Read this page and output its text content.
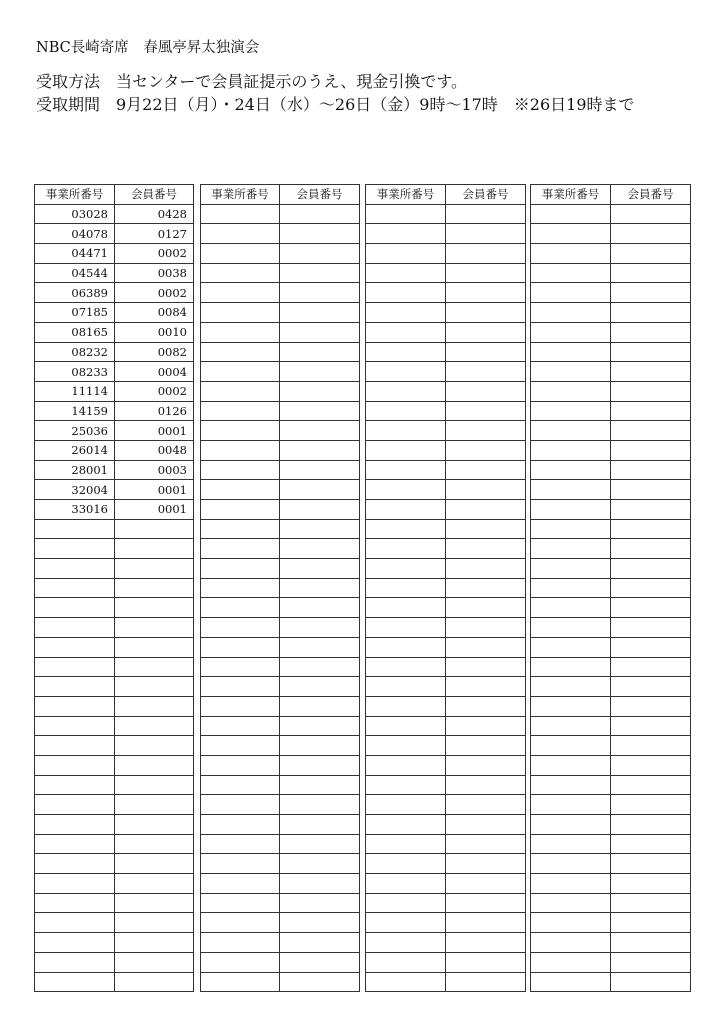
NBC長崎寄席　春風亭昇太独演会
受取方法　当センターで会員証提示のうえ、現金引換です。
受取期間　9月22日（月）・24日（水）～26日（金）9時～17時　※26日19時まで
事業所番号	会員番号
03028	0428
04078	0127
04471	0002
04544	0038
06389	0002
07185	0084
08165	0010
08232	0082
08233	0004
11114	0002
14159	0126
25036	0001
26014	0048
28001	0003
32004	0001
33016	0001

事業所番号	会員番号

		事業所番号	会員番号

		事業所番号	会員番号
